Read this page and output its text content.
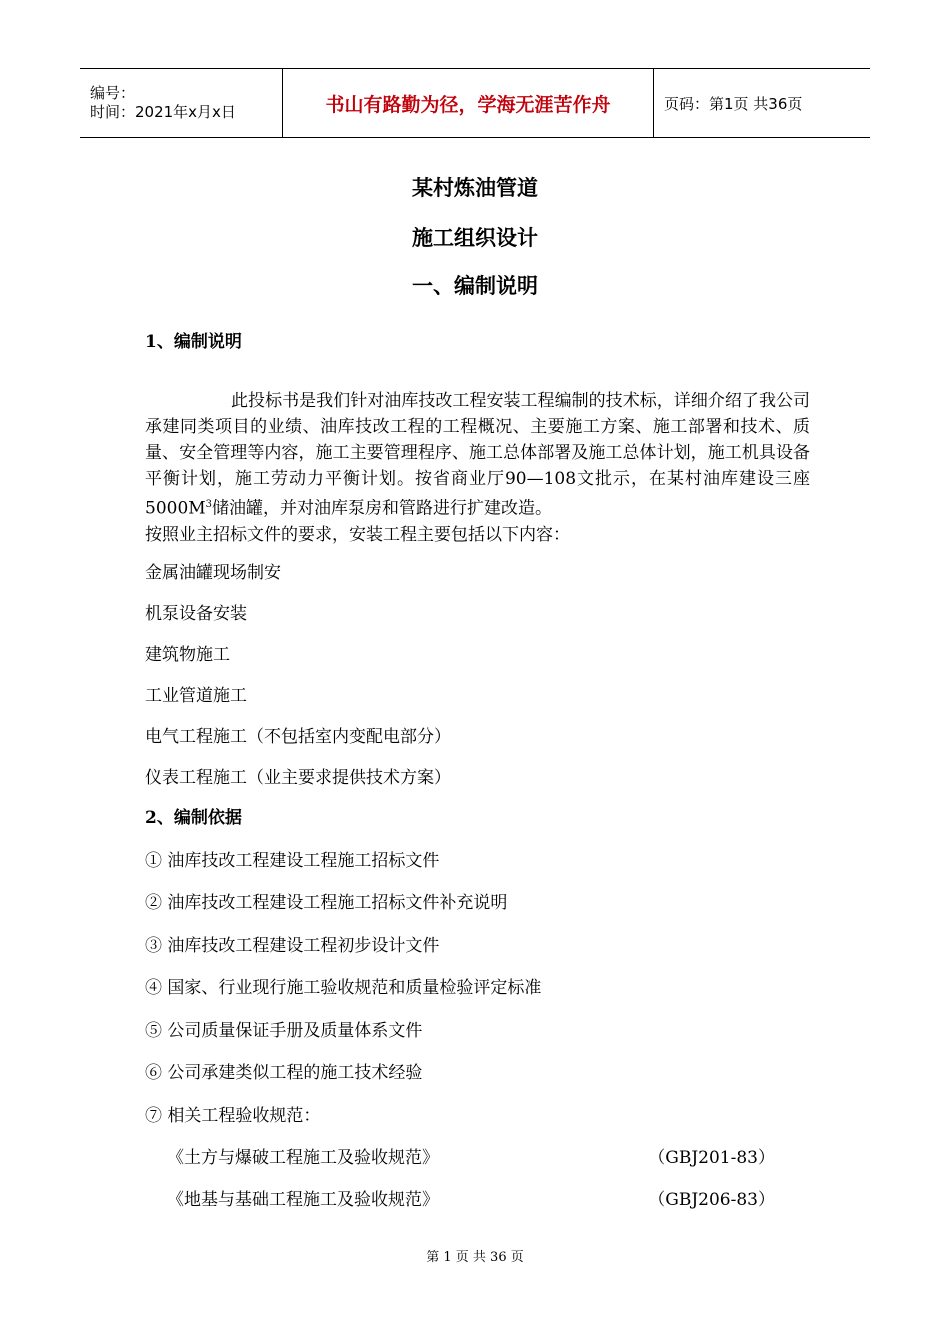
编号：
时间：2021年x月x日	书山有路勤为径，学海无涯苦作舟	页码：第1页 共36页
某村炼油管道
施工组织设计
一、编制说明
1、编制说明
此投标书是我们针对油库技改工程安装工程编制的技术标，详细介绍了我公司承建同类项目的业绩、油库技改工程的工程概况、主要施工方案、施工部署和技术、质量、安全管理等内容，施工主要管理程序、施工总体部署及施工总体计划，施工机具设备平衡计划，施工劳动力平衡计划。按省商业厅90—108文批示，在某村油库建设三座$5000M^3$储油罐，并对油库泵房和管路进行扩建改造。
按照业主招标文件的要求，安装工程主要包括以下内容：
金属油罐现场制安
机泵设备安装
建筑物施工
工业管道施工
电气工程施工（不包括室内变配电部分）
仪表工程施工（业主要求提供技术方案）
2、编制依据
① 油库技改工程建设工程施工招标文件
② 油库技改工程建设工程施工招标文件补充说明
③ 油库技改工程建设工程初步设计文件
④ 国家、行业现行施工验收规范和质量检验评定标准
⑤ 公司质量保证手册及质量体系文件
⑥ 公司承建类似工程的施工技术经验
⑦ 相关工程验收规范：
《土方与爆破工程施工及验收规范》	（GBJ201-83）
《地基与基础工程施工及验收规范》	（GBJ206-83）
第 1 页 共 36 页
